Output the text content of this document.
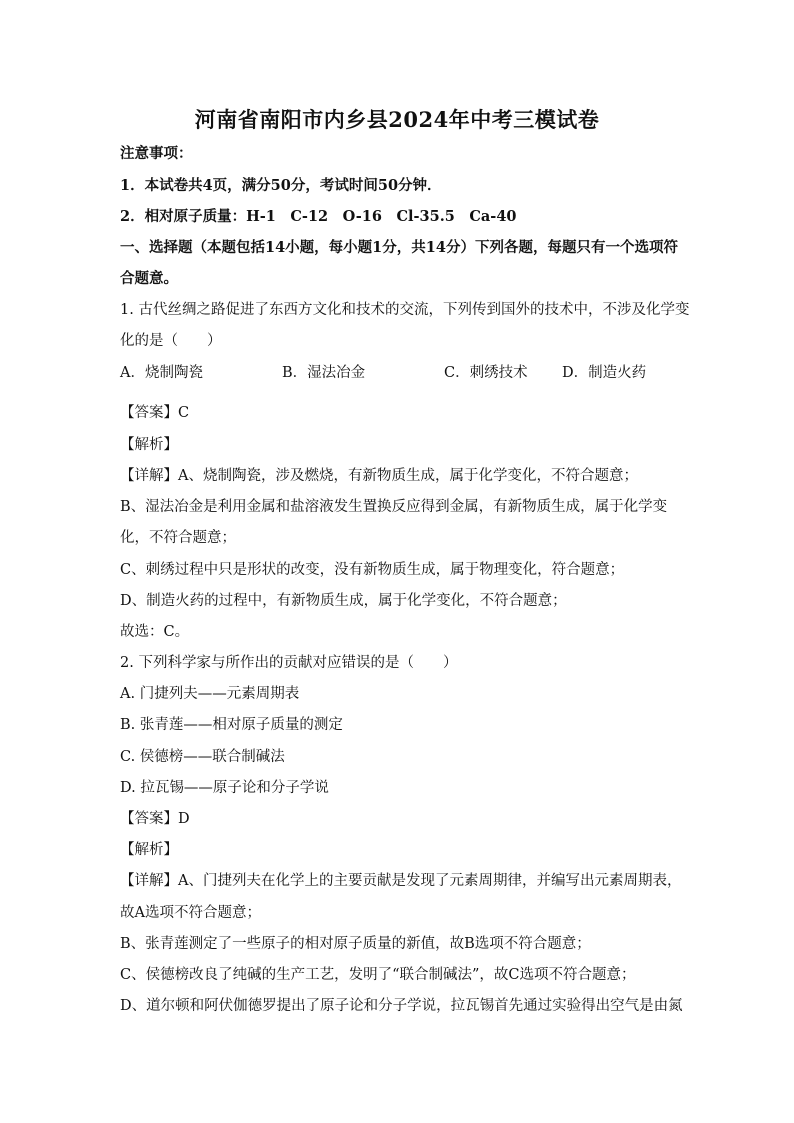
河南省南阳市内乡县2024年中考三模试卷
注意事项：
1．本试卷共4页，满分50分，考试时间50分钟．
2．相对原子质量：H-1　C-12　O-16　Cl-35.5　Ca-40
一、选择题（本题包括14小题，每小题1分，共14分）下列各题，每题只有一个选项符
合题意。
1. 古代丝绸之路促进了东西方文化和技术的交流，下列传到国外的技术中，不涉及化学变
化的是（　　）
A．烧制陶瓷	B．湿法冶金	C．刺绣技术 D．制造火药
【答案】C
【解析】
【详解】A、烧制陶瓷，涉及燃烧，有新物质生成，属于化学变化，不符合题意；
B、湿法冶金是利用金属和盐溶液发生置换反应得到金属，有新物质生成，属于化学变
化，不符合题意；
C、刺绣过程中只是形状的改变，没有新物质生成，属于物理变化，符合题意；
D、制造火药的过程中，有新物质生成，属于化学变化，不符合题意；
故选：C。
2. 下列科学家与所作出的贡献对应错误的是（　　）
A. 门捷列夫——元素周期表
B. 张青莲——相对原子质量的测定
C. 侯德榜——联合制碱法
D. 拉瓦锡——原子论和分子学说
【答案】D
【解析】
【详解】A、门捷列夫在化学上的主要贡献是发现了元素周期律，并编写出元素周期表，
故A选项不符合题意；
B、张青莲测定了一些原子的相对原子质量的新值，故B选项不符合题意；
C、侯德榜改良了纯碱的生产工艺，发明了“联合制碱法”，故C选项不符合题意；
D、道尔顿和阿伏伽德罗提出了原子论和分子学说，拉瓦锡首先通过实验得出空气是由氮
